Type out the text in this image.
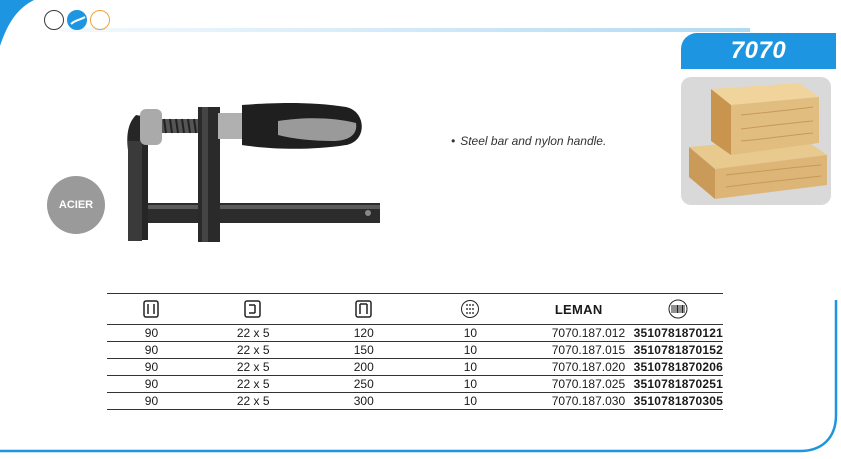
7070
ACIER
• Steel bar and nylon handle.
				LEMAN	
90	22 x 5	120	10	7070.187.012	3510781870121
90	22 x 5	150	10	7070.187.015	3510781870152
90	22 x 5	200	10	7070.187.020	3510781870206
90	22 x 5	250	10	7070.187.025	3510781870251
90	22 x 5	300	10	7070.187.030	3510781870305
